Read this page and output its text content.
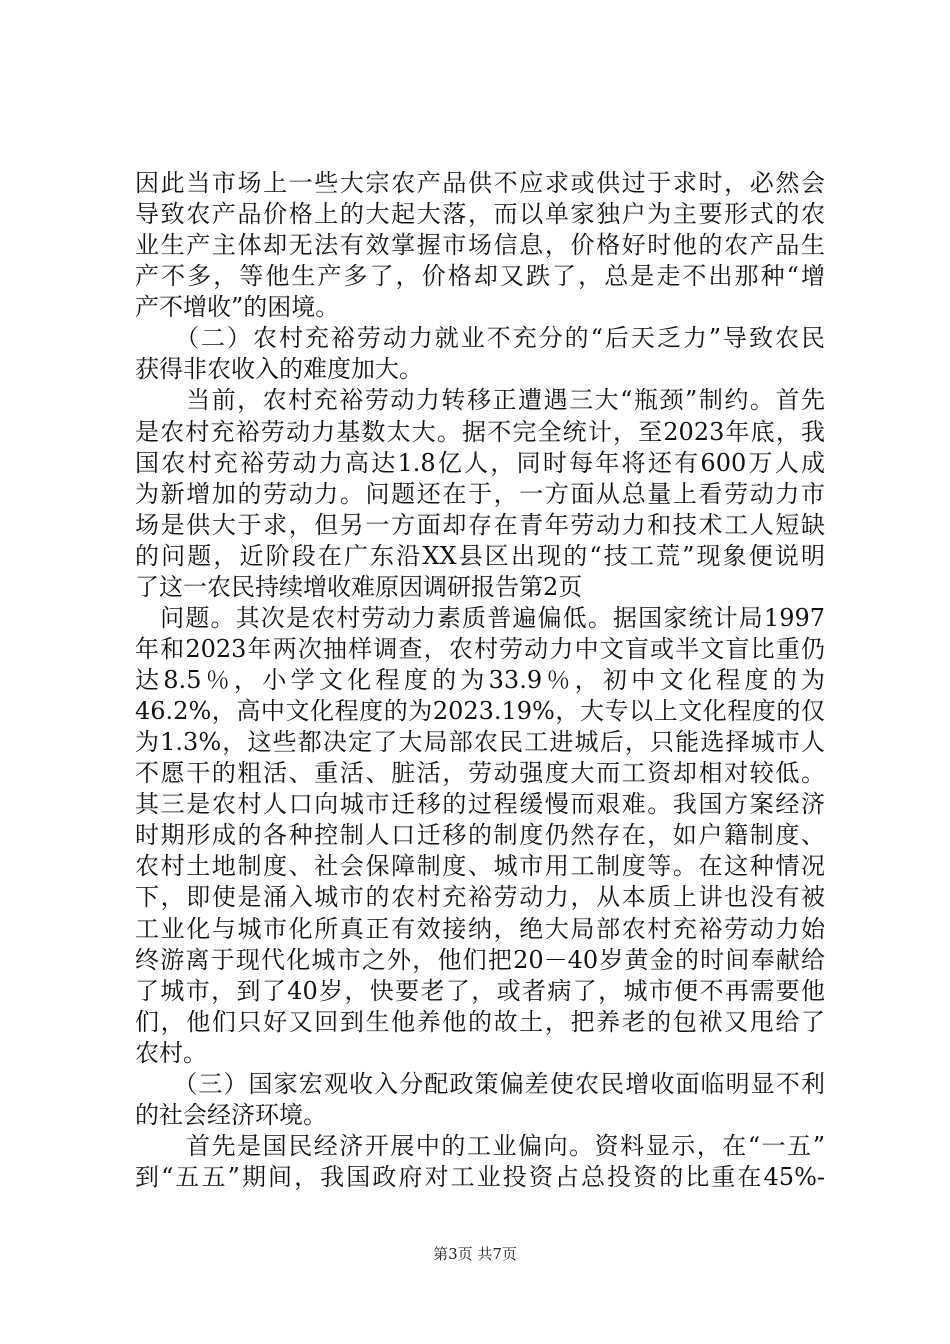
因此当市场上一些大宗农产品供不应求或供过于求时，必然会
导致农产品价格上的大起大落，而以单家独户为主要形式的农
业生产主体却无法有效掌握市场信息，价格好时他的农产品生
产不多，等他生产多了，价格却又跌了，总是走不出那种“增
产不增收”的困境。
　　（二）农村充裕劳动力就业不充分的“后天乏力”导致农民
获得非农收入的难度加大。
　　当前，农村充裕劳动力转移正遭遇三大“瓶颈”制约。首先
是农村充裕劳动力基数太大。据不完全统计，至2023年底，我
国农村充裕劳动力高达1.8亿人，同时每年将还有600万人成
为新增加的劳动力。问题还在于，一方面从总量上看劳动力市
场是供大于求，但另一方面却存在青年劳动力和技术工人短缺
的问题，近阶段在广东沿XX县区出现的“技工荒”现象便说明
了这一农民持续增收难原因调研报告第2页
　问题。其次是农村劳动力素质普遍偏低。据国家统计局1997
年和2023年两次抽样调查，农村劳动力中文盲或半文盲比重仍
达8.5％，小学文化程度的为33.9％，初中文化程度的为
46.2%，高中文化程度的为2023.19%，大专以上文化程度的仅
为1.3%，这些都决定了大局部农民工进城后，只能选择城市人
不愿干的粗活、重活、脏活，劳动强度大而工资却相对较低。
其三是农村人口向城市迁移的过程缓慢而艰难。我国方案经济
时期形成的各种控制人口迁移的制度仍然存在，如户籍制度、
农村土地制度、社会保障制度、城市用工制度等。在这种情况
下，即使是涌入城市的农村充裕劳动力，从本质上讲也没有被
工业化与城市化所真正有效接纳，绝大局部农村充裕劳动力始
终游离于现代化城市之外，他们把20－40岁黄金的时间奉献给
了城市，到了40岁，快要老了，或者病了，城市便不再需要他
们，他们只好又回到生他养他的故土，把养老的包袱又甩给了
农村。
　　（三）国家宏观收入分配政策偏差使农民增收面临明显不利
的社会经济环境。
　　首先是国民经济开展中的工业偏向。资料显示，在“一五”
到“五五”期间，我国政府对工业投资占总投资的比重在45%-
第3页 共7页
